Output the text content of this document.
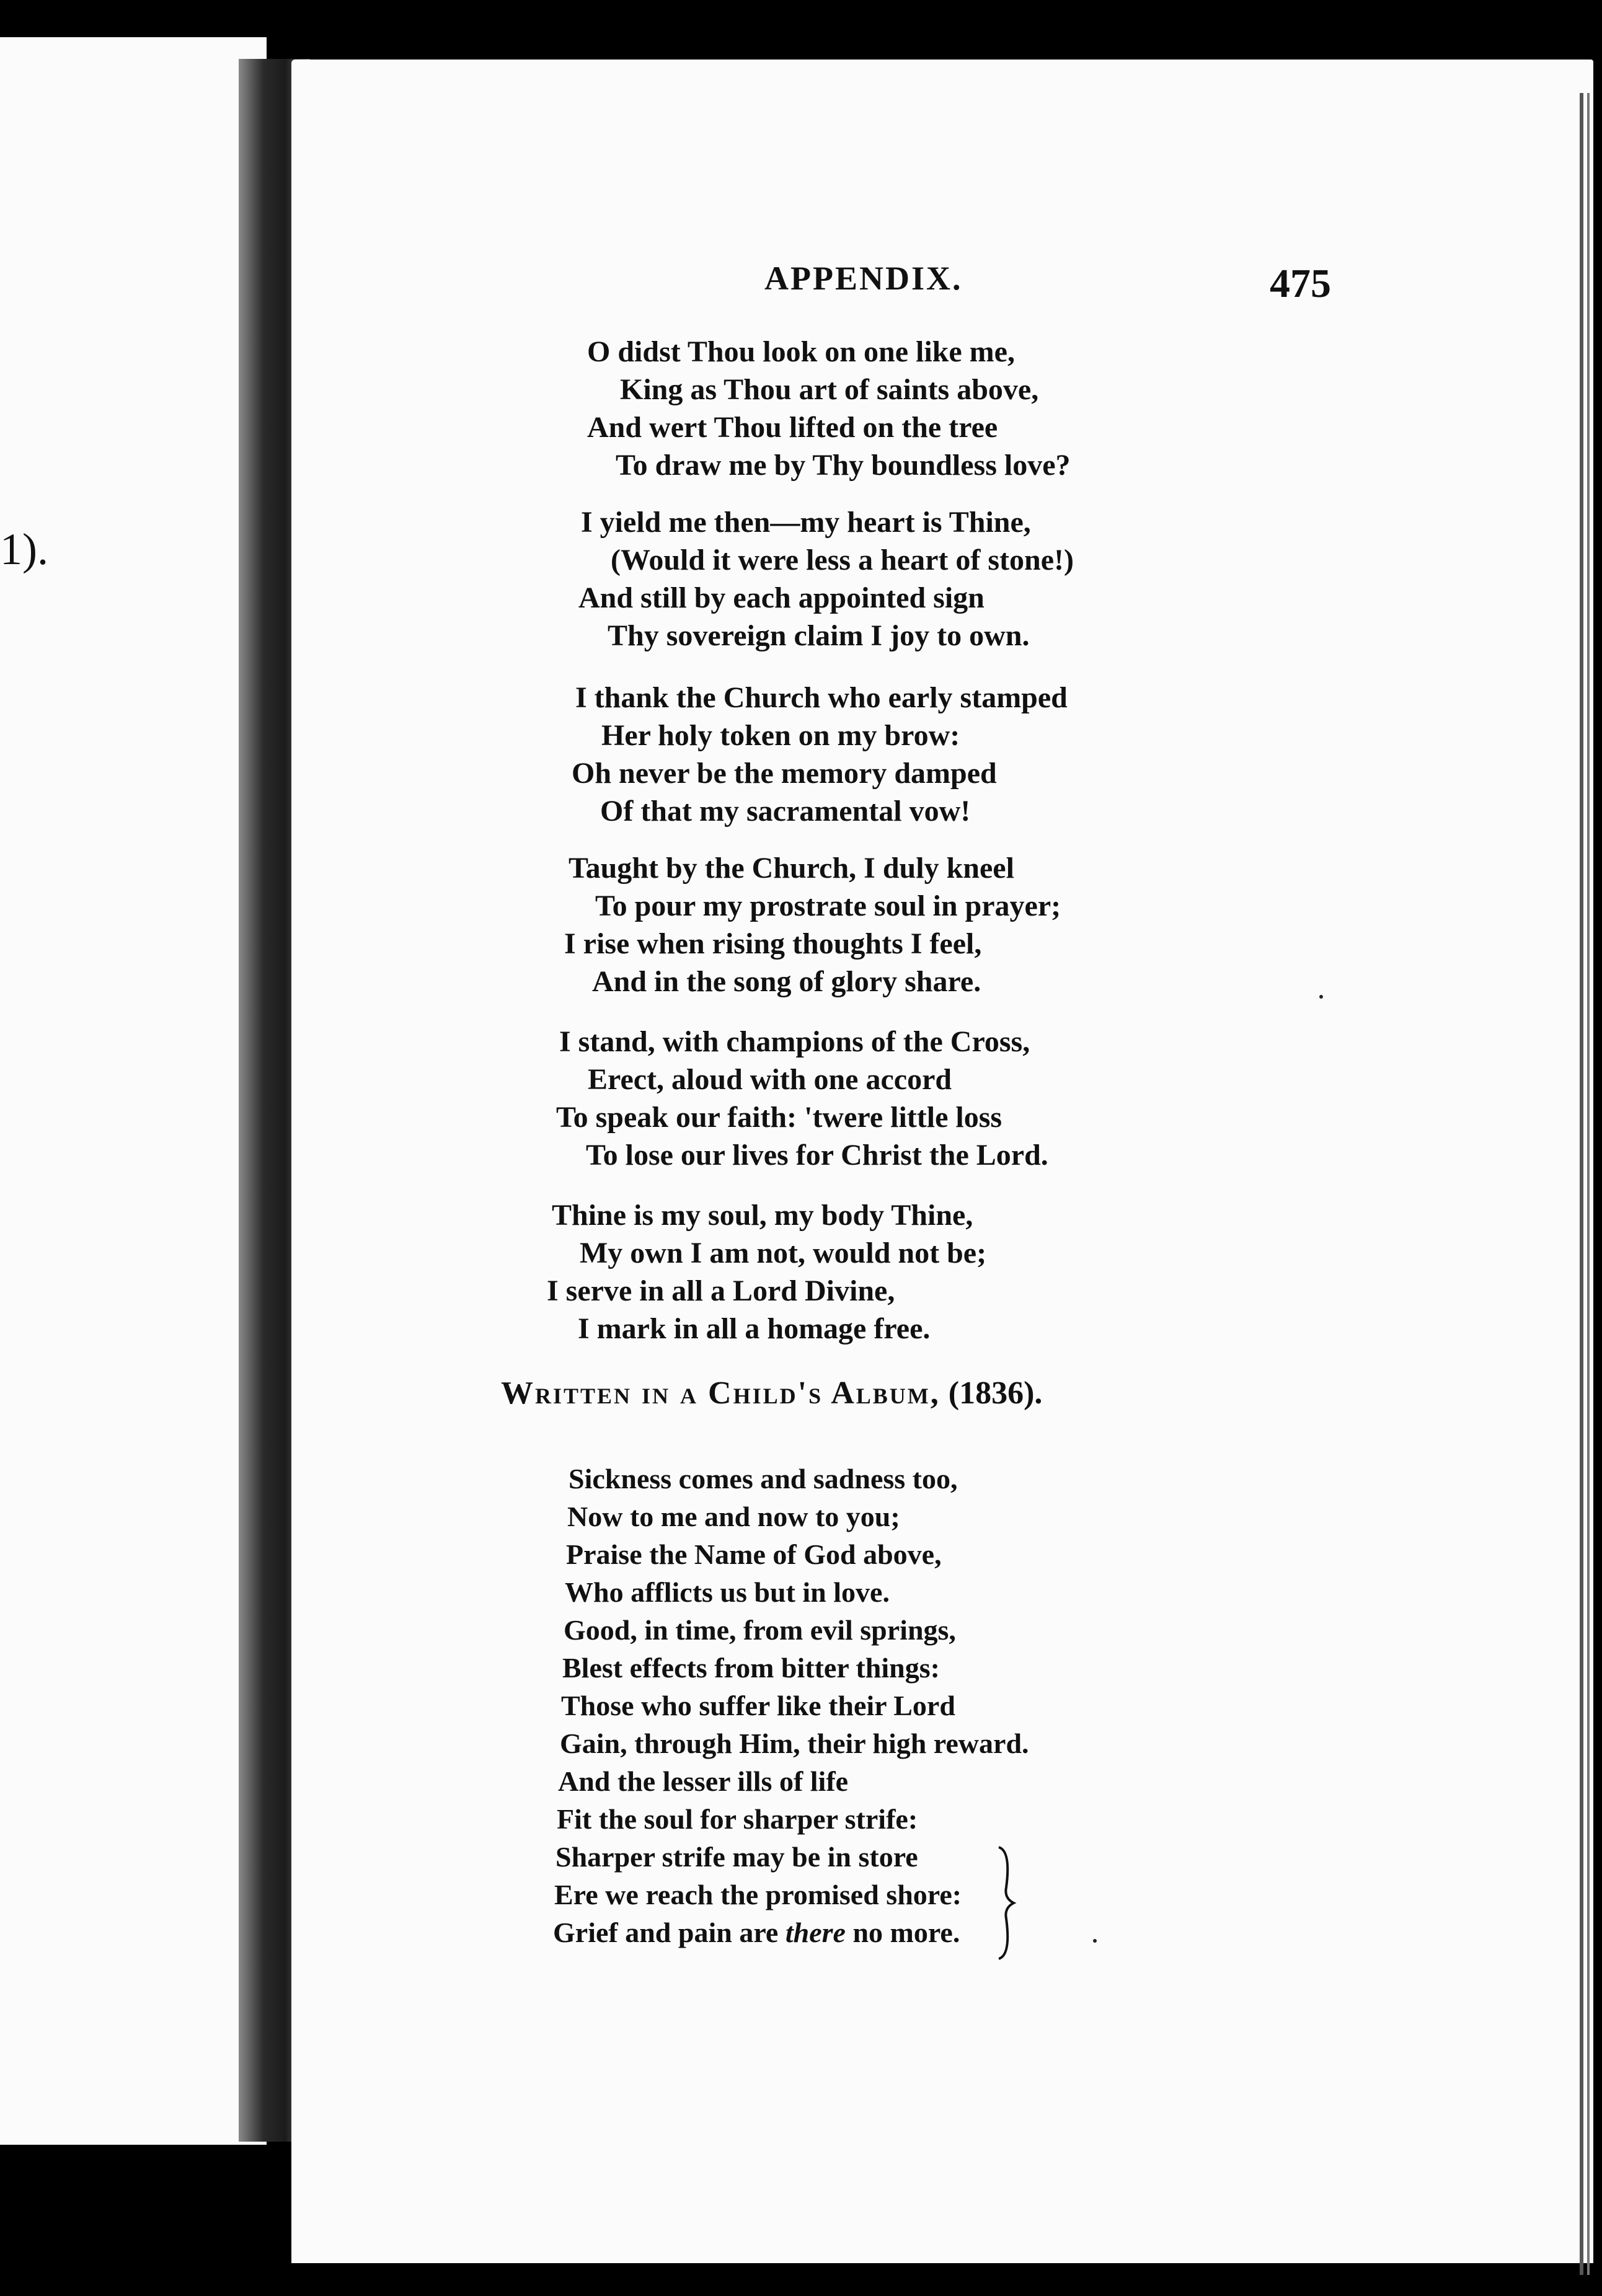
1).
APPENDIX.	475
O didst Thou look on one like me,
King as Thou art of saints above,
And wert Thou lifted on the tree
To draw me by Thy boundless love?
I yield me then—my heart is Thine,
(Would it were less a heart of stone!)
And still by each appointed sign
Thy sovereign claim I joy to own.
I thank the Church who early stamped
Her holy token on my brow:
Oh never be the memory damped
Of that my sacramental vow!
Taught by the Church, I duly kneel
To pour my prostrate soul in prayer;
I rise when rising thoughts I feel,
And in the song of glory share.
I stand, with champions of the Cross,
Erect, aloud with one accord
To speak our faith: 'twere little loss
To lose our lives for Christ the Lord.
Thine is my soul, my body Thine,
My own I am not, would not be;
I serve in all a Lord Divine,
I mark in all a homage free.
Written in a Child's Album, (1836).
Sickness comes and sadness too,
Now to me and now to you;
Praise the Name of God above,
Who afflicts us but in love.
Good, in time, from evil springs,
Blest effects from bitter things:
Those who suffer like their Lord
Gain, through Him, their high reward.
And the lesser ills of life
Fit the soul for sharper strife:
Sharper strife may be in store
Ere we reach the promised shore:
Grief and pain are there no more.
